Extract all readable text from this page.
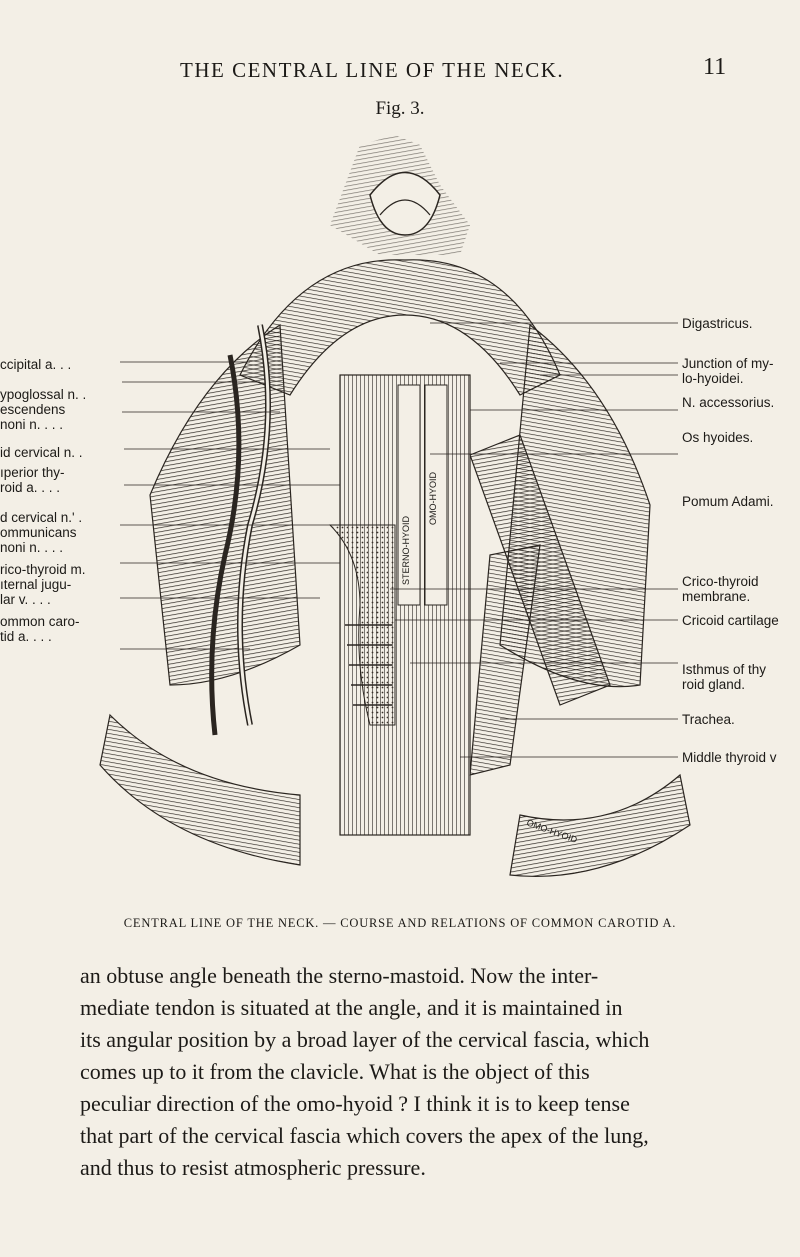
THE CENTRAL LINE OF THE NECK.	11
Fig. 3.
STERNO-HYOID
OMO-HYOID
OMO-HYOID
ccipital a. . .
ypoglossal n. .
escendens
noni n. . . .
id cervical n. .
ıperior thy-
roid a. . . .
d cervical n.' .
ommunicans
noni n. . . .
rico-thyroid m.
ıternal jugu-
lar v. . . .
ommon caro-
tid a. . . .
Digastricus.
Junction of my-
lo-hyoidei.
N. accessorius.
Os hyoides.
Pomum Adami.
Crico-thyroid
membrane.
Cricoid cartilage
Isthmus of thy
roid gland.
Trachea.
Middle thyroid v
CENTRAL LINE OF THE NECK. — COURSE AND RELATIONS OF COMMON CAROTID A.

an obtuse angle beneath the sterno-mastoid. Now the inter-

mediate tendon is situated at the angle, and it is maintained in

its angular position by a broad layer of the cervical fascia, which

comes up to it from the clavicle. What is the object of this

peculiar direction of the omo-hyoid ? I think it is to keep tense

that part of the cervical fascia which covers the apex of the lung,

and thus to resist atmospheric pressure.
